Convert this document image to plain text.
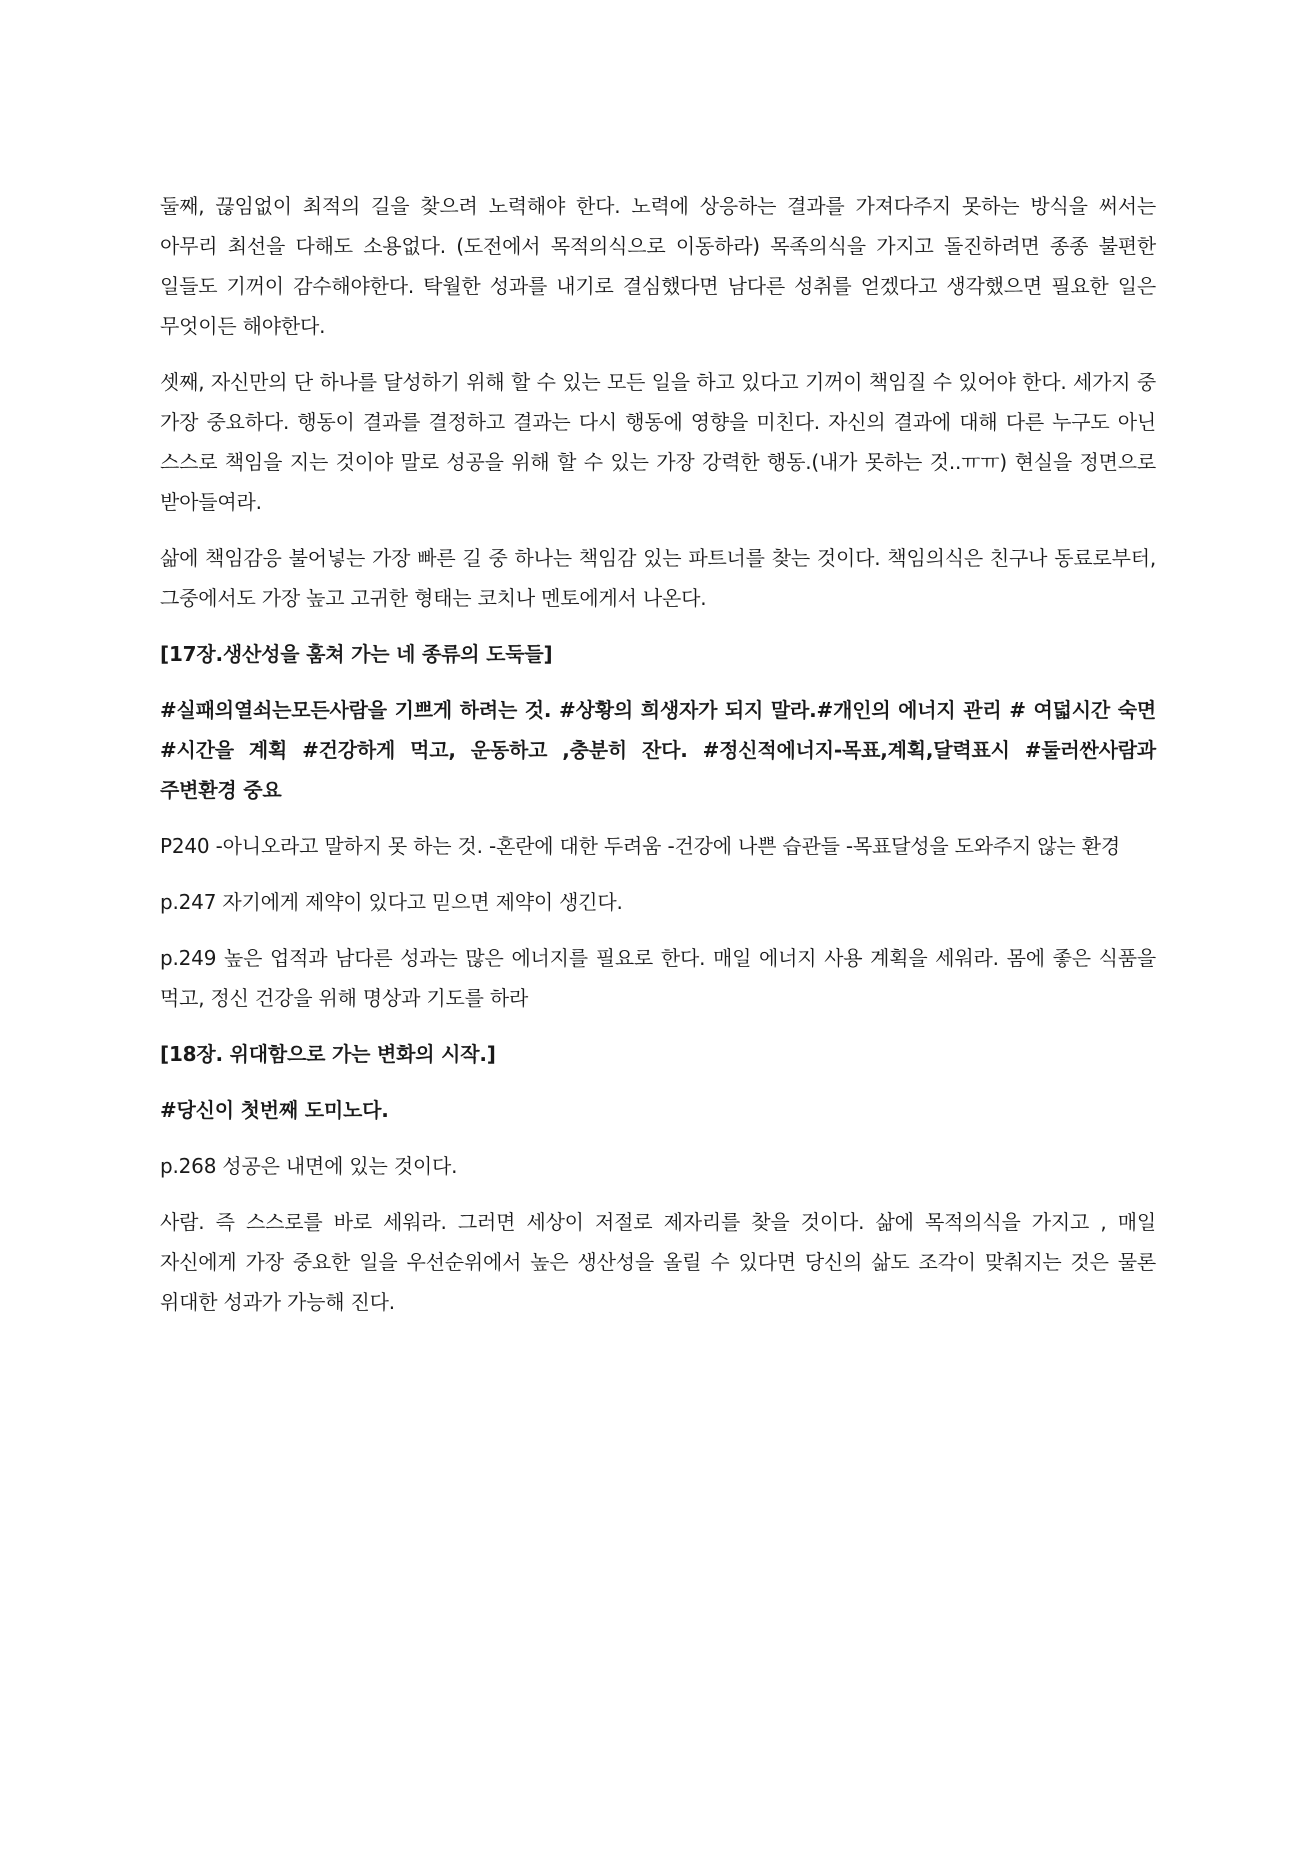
둘째, 끊임없이 최적의 길을 찾으려 노력해야 한다. 노력에 상응하는 결과를 가져다주지 못하는 방식을 써서는 아무리 최선을 다해도 소용없다. (도전에서 목적의식으로 이동하라) 목족의식을 가지고 돌진하려면 종종 불편한 일들도 기꺼이 감수해야한다. 탁월한 성과를 내기로 결심했다면 남다른 성취를 얻겠다고 생각했으면 필요한 일은 무엇이든 해야한다.

셋째, 자신만의 단 하나를 달성하기 위해 할 수 있는 모든 일을 하고 있다고 기꺼이 책임질 수 있어야 한다. 세가지 중 가장 중요하다. 행동이 결과를 결정하고 결과는 다시 행동에 영향을 미친다. 자신의 결과에 대해 다른 누구도 아닌 스스로 책임을 지는 것이야 말로 성공을 위해 할 수 있는 가장 강력한 행동.(내가 못하는 것..ㅠㅠ) 현실을 정면으로 받아들여라.

삶에 책임감응 불어넣는 가장 빠른 길 중 하나는 책임감 있는 파트너를 찾는 것이다. 책임의식은 친구나 동료로부터, 그중에서도 가장 높고 고귀한 형태는 코치나 멘토에게서 나온다.

[17장.생산성을 훔쳐 가는 네 종류의 도둑들]

#실패의열쇠는모든사람을 기쁘게 하려는 것. #상황의 희생자가 되지 말라.#개인의 에너지 관리 # 여덟시간 숙면 #시간을 계획 #건강하게 먹고, 운동하고 ,충분히 잔다. #정신적에너지-목표,계획,달력표시 #둘러싼사람과 주변환경 중요

P240 -아니오라고 말하지 못 하는 것. -혼란에 대한 두려움 -건강에 나쁜 습관들 -목표달성을 도와주지 않는 환경

p.247 자기에게 제약이 있다고 믿으면 제약이 생긴다.

p.249 높은 업적과 남다른 성과는 많은 에너지를 필요로 한다. 매일 에너지 사용 계획을 세워라. 몸에 좋은 식품을 먹고, 정신 건강을 위해 명상과 기도를 하라

[18장. 위대함으로 가는 변화의 시작.]

#당신이 첫번째 도미노다.

p.268 성공은 내면에 있는 것이다.

사람. 즉 스스로를 바로 세워라. 그러면 세상이 저절로 제자리를 찾을 것이다. 삶에 목적의식을 가지고 , 매일 자신에게 가장 중요한 일을 우선순위에서 높은 생산성을 올릴 수 있다면 당신의 삶도 조각이 맞춰지는 것은 물론 위대한 성과가 가능해 진다.
